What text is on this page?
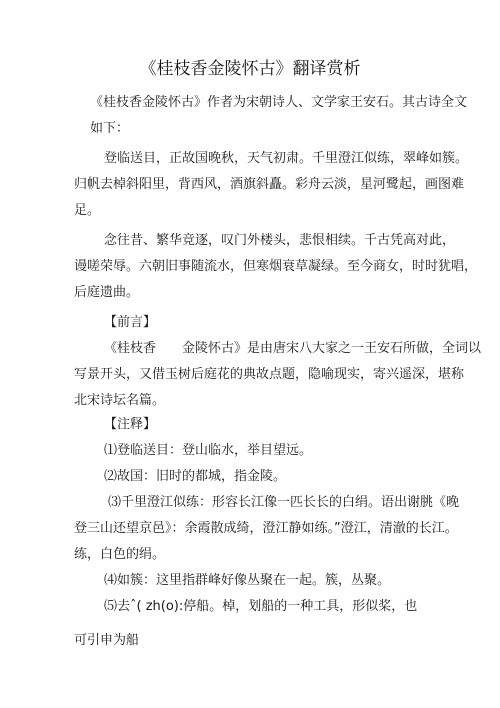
《桂枝香金陵怀古》翻译赏析
《桂枝香金陵怀古》作者为宋朝诗人、文学家王安石。其古诗全文
如下：
登临送目，正故国晚秋，天气初肃。千里澄江似练，翠峰如簇。
归帆去棹斜阳里，背西风，酒旗斜矗。彩舟云淡，星河鹭起，画图难
足。
念往昔、繁华竞逐，叹门外楼头，悲恨相续。千古凭高对此，
谩嗟荣辱。六朝旧事随流水，但寒烟衰草凝绿。至今商女，时时犹唱，
后庭遗曲。
【前言】
《桂枝香　　金陵怀古》是由唐宋八大家之一王安石所做，全词以
写景开头，又借玉树后庭花的典故点题，隐喻现实，寄兴遥深，堪称
北宋诗坛名篇。
【注释】
⑴登临送目：登山临水，举目望远。
⑵故国：旧时的都城，指金陵。
⑶千里澄江似练：形容长江像一匹长长的白绢。语出谢朓《晚
登三山还望京邑》：余霞散成绮，澄江静如练。”澄江，清澈的长江。
练，白色的绢。
⑷如簇：这里指群峰好像丛聚在一起。簇，丛聚。
⑸去ˆ( zh(o):停船。棹，划船的一种工具，形似桨，也
可引申为船
